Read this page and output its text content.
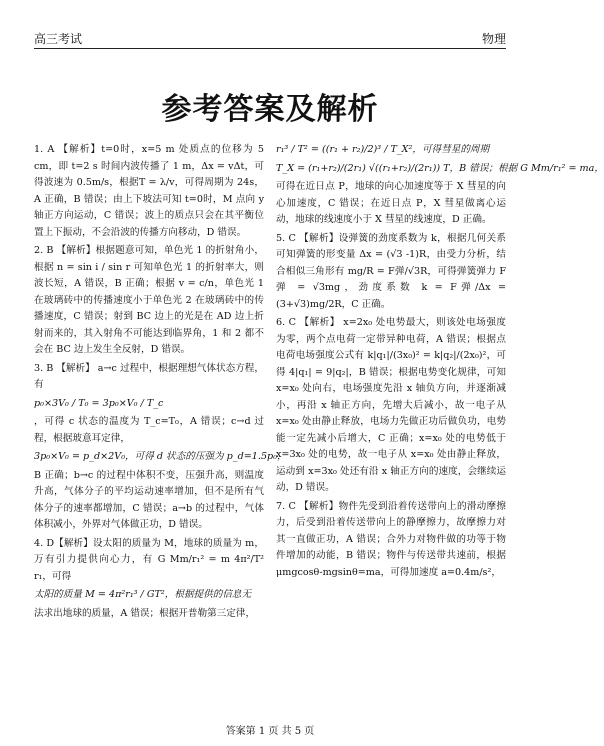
高三考试	物理
参考答案及解析

1. A 【解析】t=0时，x=5 m 处质点的位移为 5 cm，即 t=2 s 时间内波传播了 1 m，Δx = vΔt，可得波速为 0.5m/s，根据T = λ/v，可得周期为 24s，A 正确，B 错误；由上下坡法可知 t=0时，M 点向 y 轴正方向运动，C 错误；波上的质点只会在其平衡位置上下振动，不会沿波的传播方向移动，D 错误。

2. B 【解析】根据题意可知，单色光 1 的折射角小，根据 n = sin i / sin r 可知单色光 1 的折射率大，则波长短，A 错误，B 正确；根据 v = c/n，单色光 1 在玻璃砖中的传播速度小于单色光 2 在玻璃砖中的传播速度，C 错误；射到 BC 边上的光是在 AD 边上折射而来的，其入射角不可能达到临界角，1 和 2 都不会在 BC 边上发生全反射，D 错误。

3. B 【解析】 a→c 过程中，根据理想气体状态方程，有

p₀×3V₀ / T₀ = 3p₀×V₀ / T_c

，可得 c 状态的温度为 T_c=T₀，A 错误；c→d 过程，根据玻意耳定律，

3p₀×V₀ = p_d×2V₀，可得 d 状态的压强为 p_d=1.5p₀，

B 正确；b→c 的过程中体积不变，压强升高，则温度升高，气体分子的平均运动速率增加，但不是所有气体分子的速率都增加，C 错误；a→b 的过程中，气体体积减小，外界对气体做正功，D 错误。

4. D【解析】设太阳的质量为 M，地球的质量为 m，万有引力提供向心力，有 G Mm/r₁² = m 4π²/T² r₁，可得

太阳的质量 M = 4π²r₁³ / GT²，根据提供的信息无

法求出地球的质量，A 错误；根据开普勒第三定律，

r₁³ / T² = ((r₁ + r₂)/2)³ / T_X²，可得彗星的周期
T_X = (r₁+r₂)/(2r₁) √((r₁+r₂)/(2r₁)) T，B 错误；根据 G Mm/r₁² = ma，

可得在近日点 P，地球的向心加速度等于 X 彗星的向心加速度，C 错误；在近日点 P，X 彗星做离心运动，地球的线速度小于 X 彗星的线速度，D 正确。

5. C 【解析】设弹簧的劲度系数为 k，根据几何关系可知弹簧的形变量 Δx = (√3 -1)R，由受力分析，结合相似三角形有 mg/R = F弹/√3R，可得弹簧弹力 F弹 = √3mg，劲度系数 k = F弹/Δx = (3+√3)mg/2R，C 正确。

6. C 【解析】 x=2x₀ 处电势最大，则该处电场强度为零，两个点电荷一定带异种电荷，A 错误；根据点电荷电场强度公式有 k|q₁|/(3x₀)² = k|q₂|/(2x₀)²，可得 4|q₁| = 9|q₂|，B 错误；根据电势变化规律，可知 x=x₀ 处向右，电场强度先沿 x 轴负方向，并逐渐减小，再沿 x 轴正方向，先增大后减小，故一电子从 x=x₀ 处由静止释放，电场力先做正功后做负功，电势能一定先减小后增大，C 正确；x=x₀ 处的电势低于 x=3x₀ 处的电势，故一电子从 x=x₀ 处由静止释放，运动到 x=3x₀ 处还有沿 x 轴正方向的速度，会继续运动，D 错误。

7. C 【解析】物件先受到沿着传送带向上的滑动摩擦力，后受到沿着传送带向上的静摩擦力，故摩擦力对其一直做正功，A 错误；合外力对物件做的功等于物件增加的动能，B 错误；物件与传送带共速前，根据 μmgcosθ-mgsinθ=ma，可得加速度 a=0.4m/s²，

答案第 1 页 共 5 页
